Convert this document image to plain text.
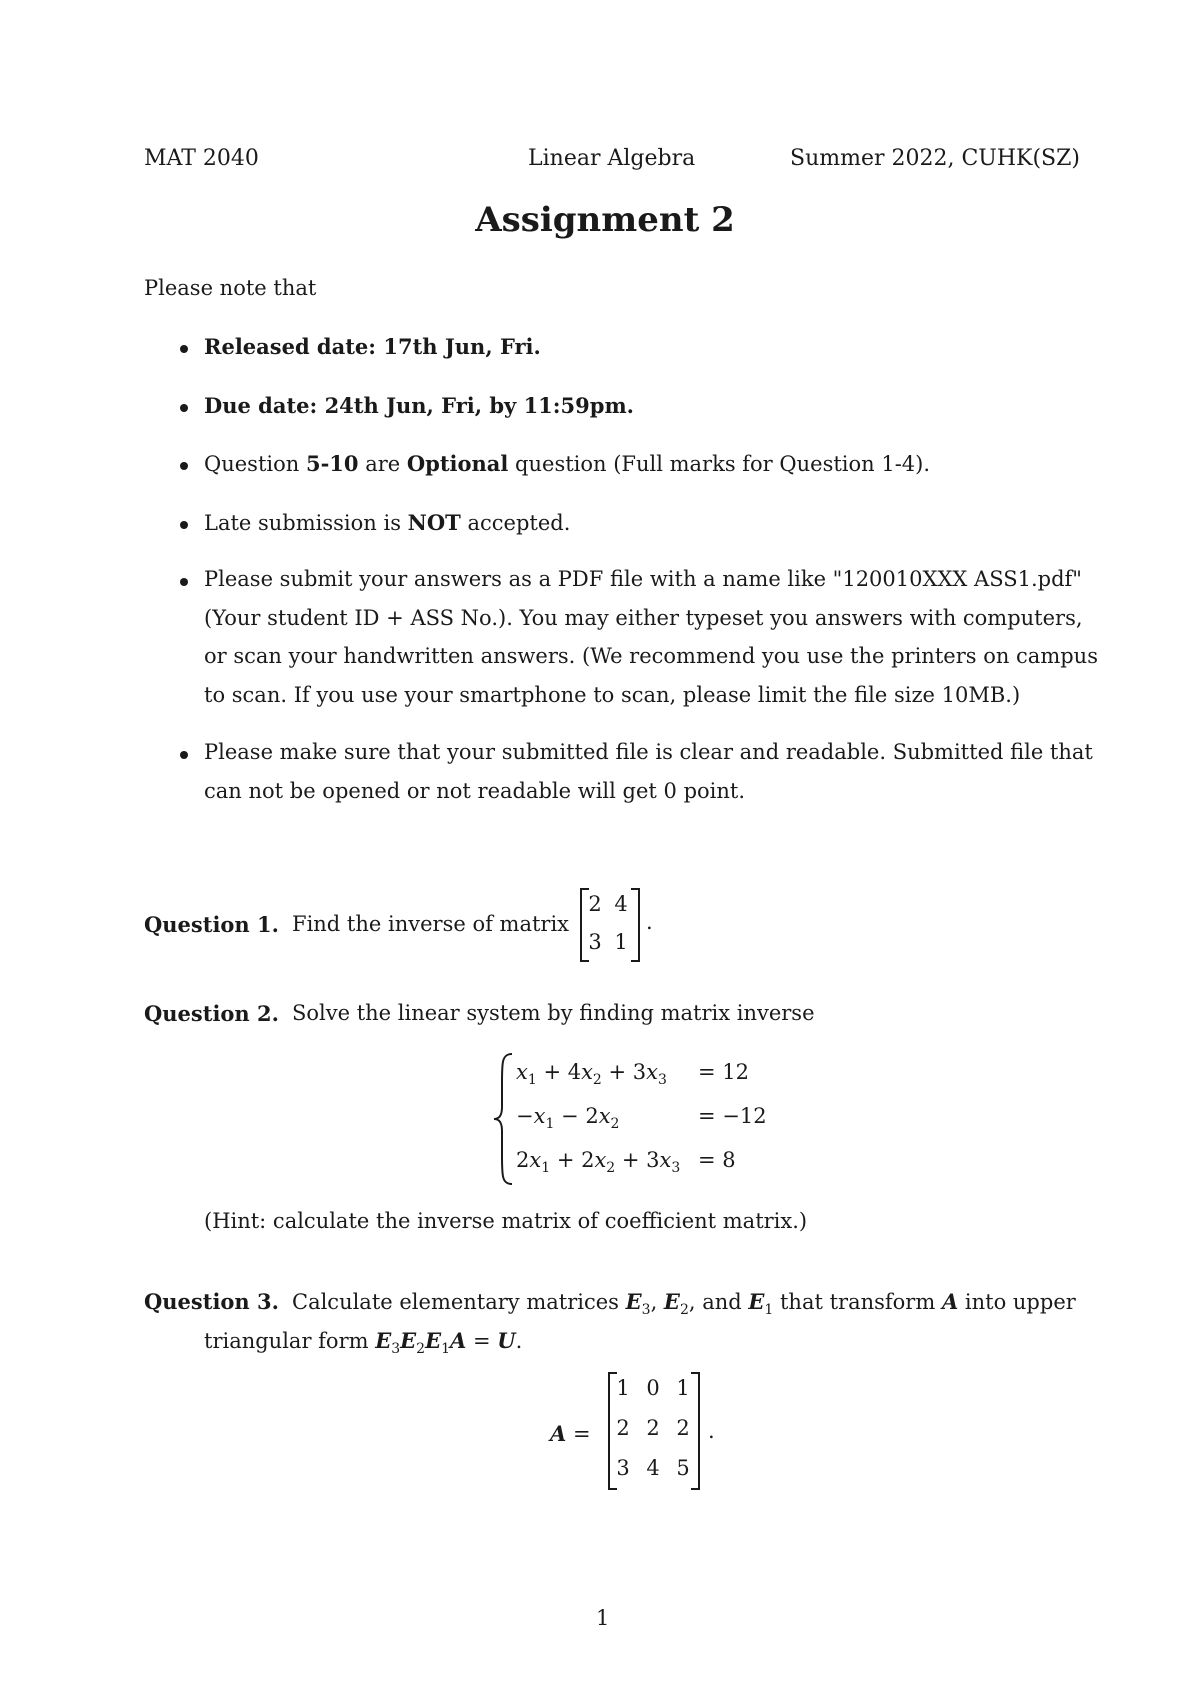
MAT 2040	Linear Algebra	Summer 2022, CUHK(SZ)
Assignment 2
Please note that
Released date: 17th Jun, Fri.
Due date: 24th Jun, Fri, by 11:59pm.
Question 5-10 are Optional question (Full marks for Question 1-4).
Late submission is NOT accepted.
Please submit your answers as a PDF file with a name like "120010XXX ASS1.pdf"
(Your student ID + ASS No.). You may either typeset you answers with computers,
or scan your handwritten answers. (We recommend you use the printers on campus
to scan. If you use your smartphone to scan, please limit the file size 10MB.)
Please make sure that your submitted file is clear and readable. Submitted file that
can not be opened or not readable will get 0 point.
Question 1. Find the inverse of matrix
2 4
3 1
.
Question 2. Solve the linear system by finding matrix inverse
$x_1 + 4x_2 + 3x_3 = 12$
$-x_1 - 2x_2$	= −12
$2x_1 + 2x_2 + 3x_3 = 8$
(Hint: calculate the inverse matrix of coefficient matrix.)
Question 3. Calculate elementary matrices $E_3$, $E_2$, and $E_1$ that transform A into upper
triangular form $E_3E_2E_1A = U$.
A =
1 0 1
2 2 2
3 4 5
.
1
